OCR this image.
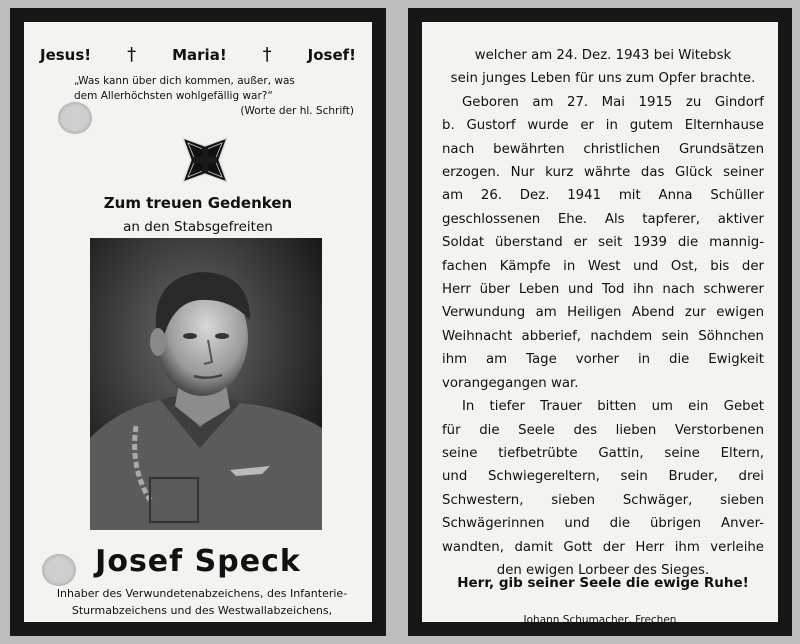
Jesus! † Maria! † Josef!
„Was kann über dich kommen, außer, was
dem Allerhöchsten wohlgefällig war?“
(Worte der hl. Schrift)
Zum treuen Gedenken
an den Stabsgefreiten
Josef Speck
Inhaber des Verwundetenabzeichens, des Infanterie-
Sturmabzeichens und des Westwallabzeichens,

welcher am 24. Dez. 1943 bei Witebsk

sein junges Leben für uns zum Opfer brachte.

Geboren am 27. Mai 1915 zu Gindorf

b. Gustorf wurde er in gutem Elternhause

nach bewährten christlichen Grundsätzen

erzogen. Nur kurz währte das Glück seiner

am 26. Dez. 1941 mit Anna Schüller

geschlossenen Ehe. Als tapferer, aktiver

Soldat überstand er seit 1939 die mannig-

fachen Kämpfe in West und Ost, bis der

Herr über Leben und Tod ihn nach schwerer

Verwundung am Heiligen Abend zur ewigen

Weihnacht abberief, nachdem sein Söhnchen

ihm am Tage vorher in die Ewigkeit

vorangegangen war.

In tiefer Trauer bitten um ein Gebet

für die Seele des lieben Verstorbenen

seine tiefbetrübte Gattin, seine Eltern,

und Schwiegereltern, sein Bruder, drei

Schwestern, sieben Schwäger, sieben

Schwägerinnen und die übrigen Anver-

wandten, damit Gott der Herr ihm verleihe

den ewigen Lorbeer des Sieges.

Herr, gib seiner Seele die ewige Ruhe!
Johann Schumacher, Frechen
